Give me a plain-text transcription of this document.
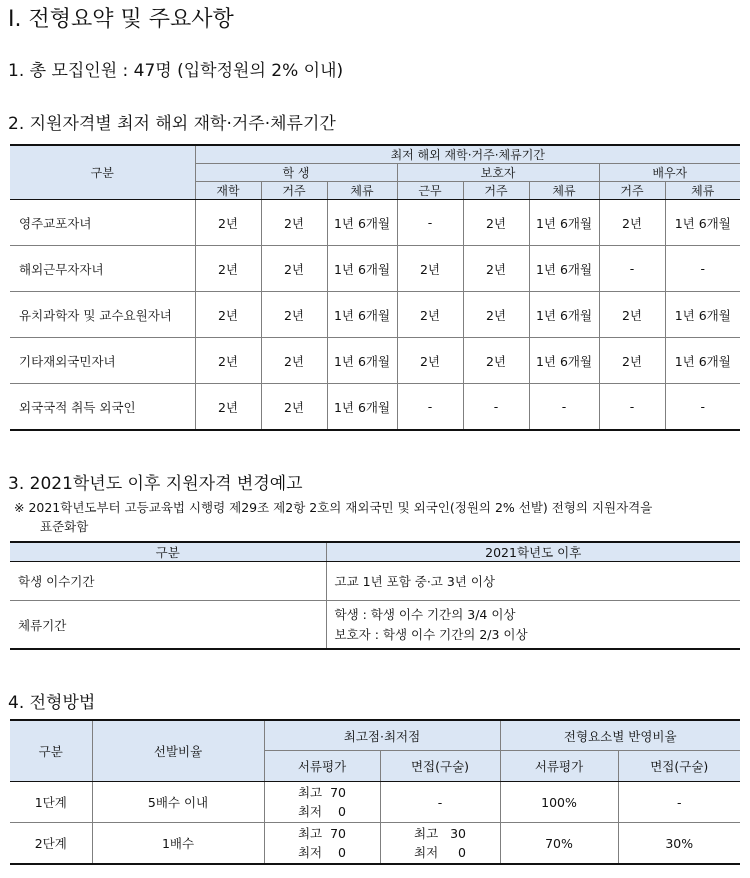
Ⅰ. 전형요약 및 주요사항
1. 총 모집인원 : 47명 (입학정원의 2% 이내)
2. 지원자격별 최저 해외 재학·거주·체류기간
구분	최저 해외 재학·거주·체류기간							
	학 생			보호자			배우자	
	재학	거주	체류	근무	거주	체류	거주	체류
영주교포자녀	2년	2년	1년 6개월	-	2년	1년 6개월	2년	1년 6개월
해외근무자자녀	2년	2년	1년 6개월	2년	2년	1년 6개월	-	-
유치과학자 및 교수요원자녀	2년	2년	1년 6개월	2년	2년	1년 6개월	2년	1년 6개월
기타재외국민자녀	2년	2년	1년 6개월	2년	2년	1년 6개월	2년	1년 6개월
외국국적 취득 외국인	2년	2년	1년 6개월	-	-	-	-	-
3. 2021학년도 이후 지원자격 변경예고
※ 2021학년도부터 고등교육법 시행령 제29조 제2항 2호의 재외국민 및 외국인(정원의 2% 선발) 전형의 지원자격을
표준화함
구분	2021학년도 이후
학생 이수기간	고교 1년 포함 중·고 3년 이상
체류기간	학생 : 학생 이수 기간의 3/4 이상
보호자 : 학생 이수 기간의 2/3 이상
4. 전형방법
구분	선발비율	최고점·최저점		전형요소별 반영비율	
		서류평가	면접(구술)	서류평가	면접(구술)
1단계	5배수 이내	최고  70
최저    0	-	100%	-
2단계	1배수	최고  70
최저    0	최고   30
최저     0	70%	30%
